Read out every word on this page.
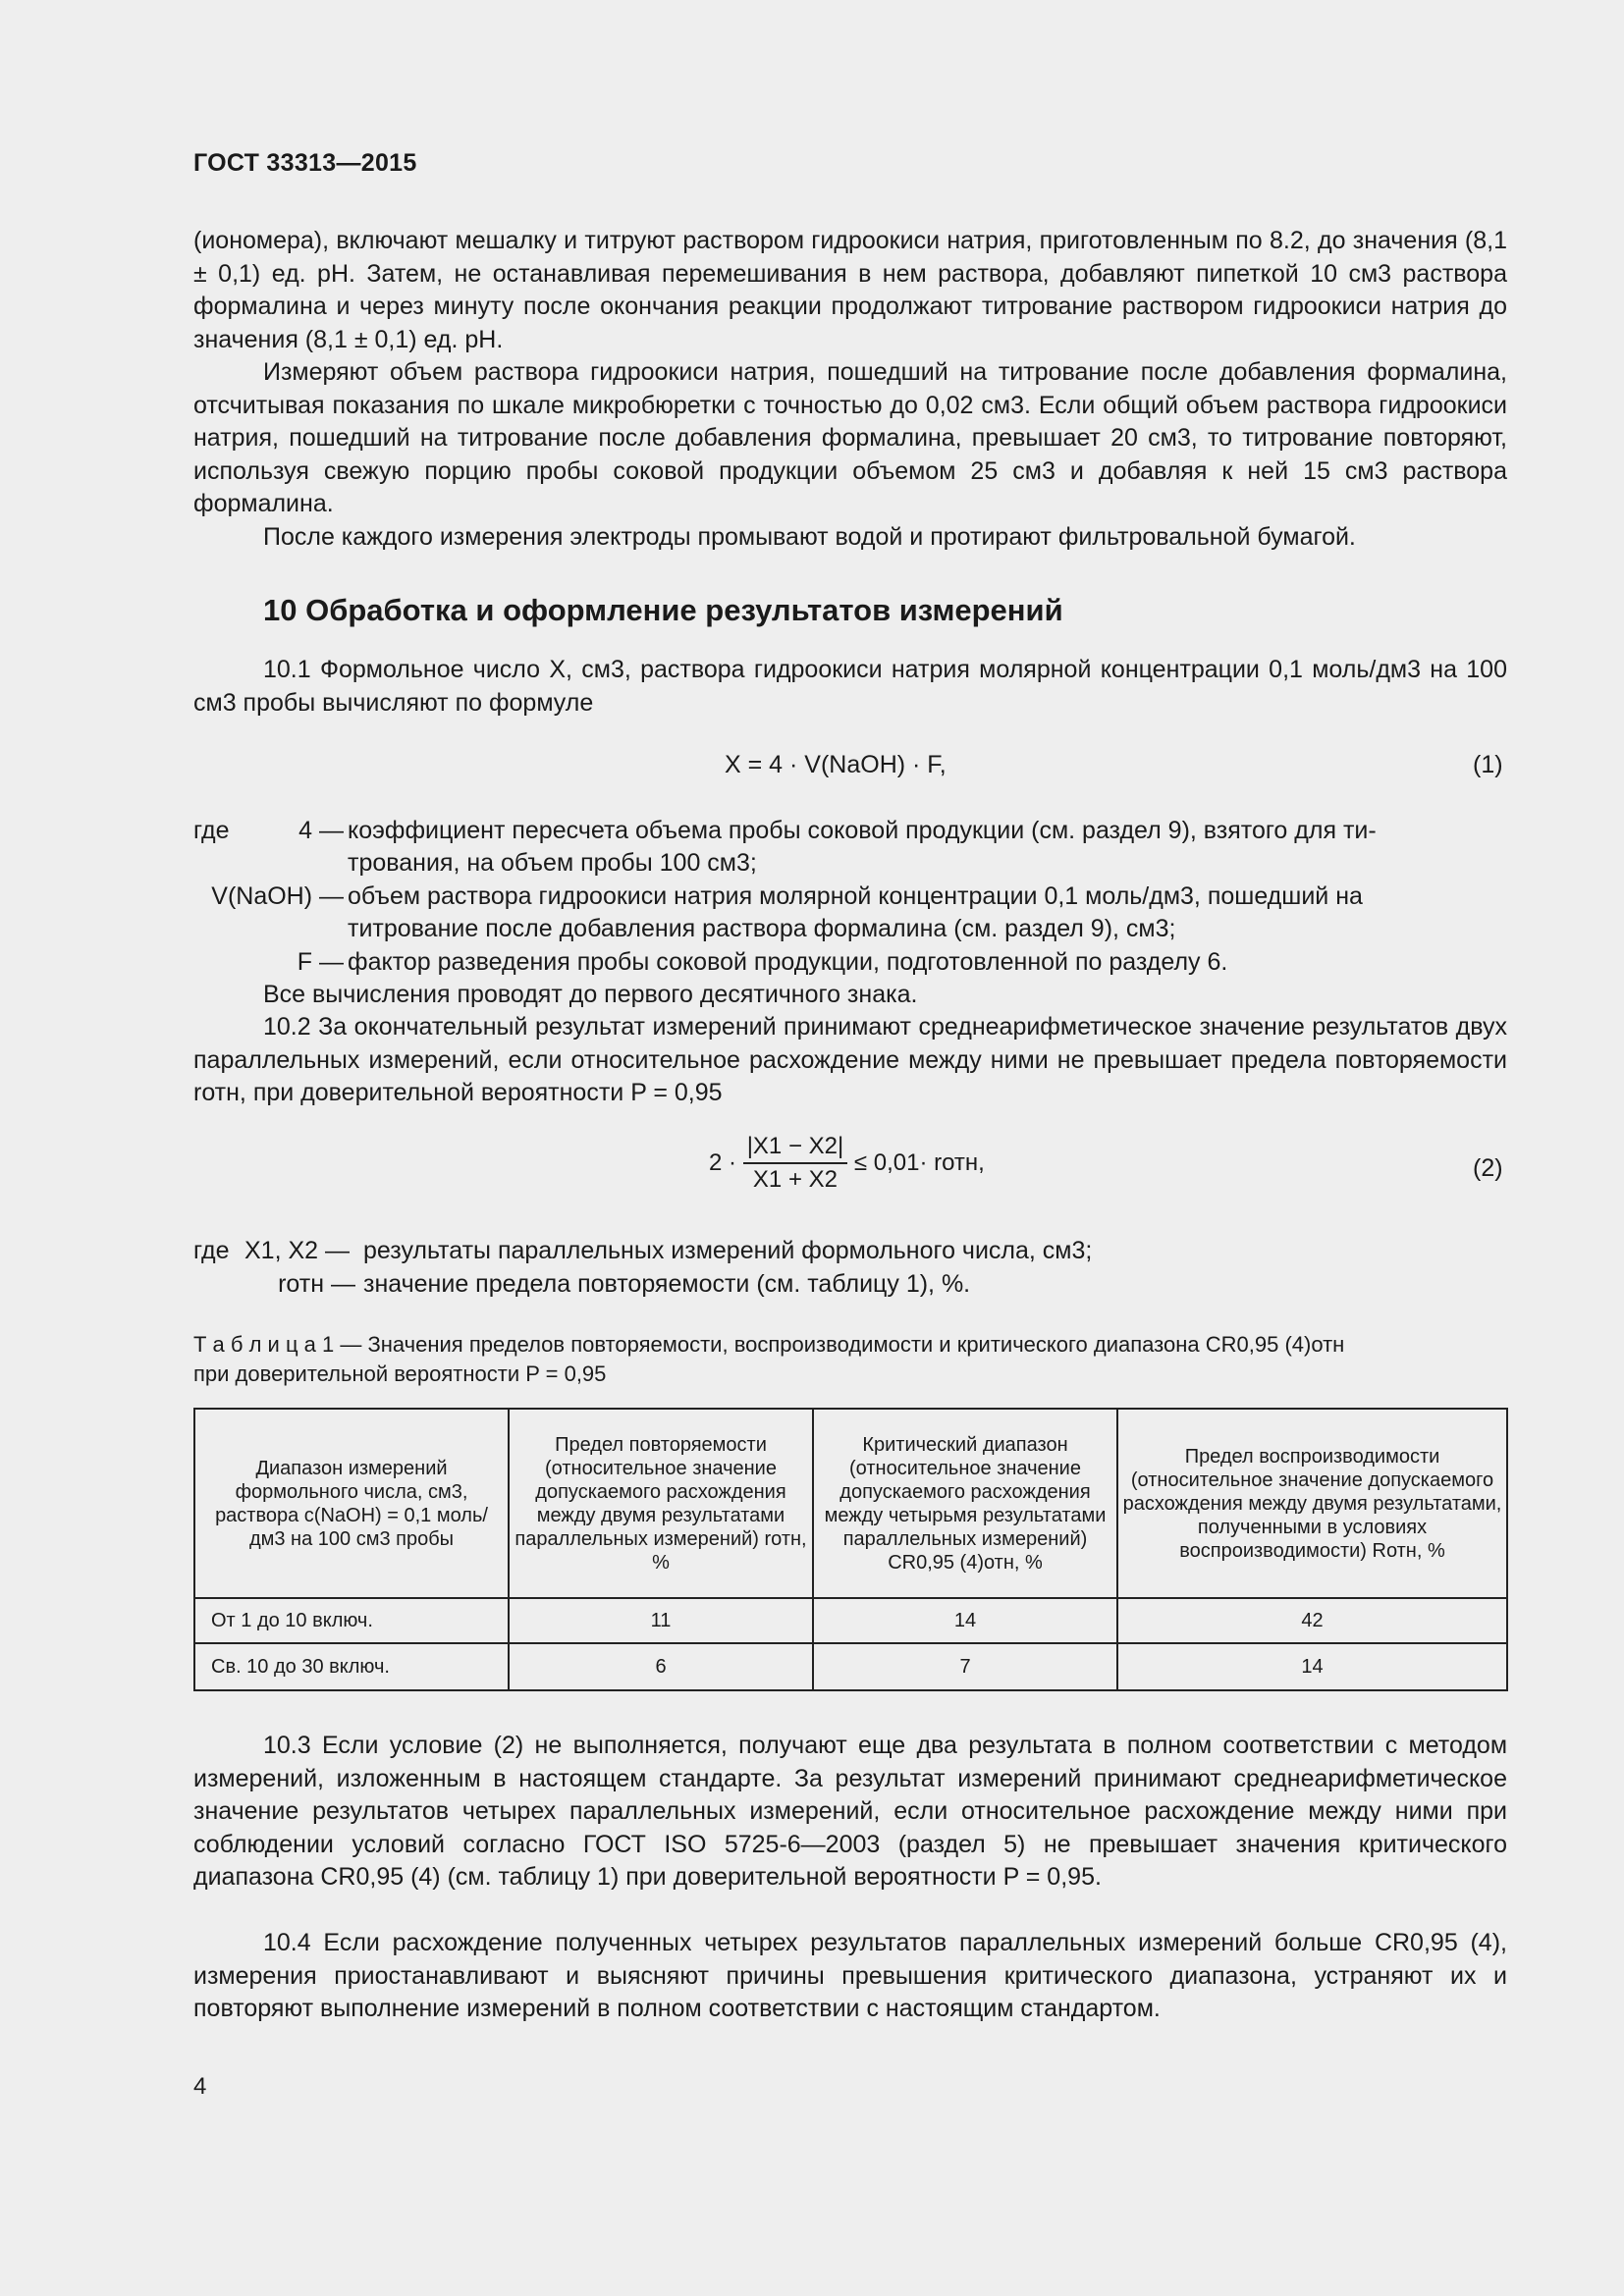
ГОСТ 33313—2015
(иономера), включают мешалку и титруют раствором гидроокиси натрия, приготовленным по 8.2, до значения (8,1 ± 0,1) ед. pH. Затем, не останавливая перемешивания в нем раствора, добавляют пипеткой 10 см3 раствора формалина и через минуту после окончания реакции продолжают титрование раствором гидроокиси натрия до значения (8,1 ± 0,1) ед. pH.
Измеряют объем раствора гидроокиси натрия, пошедший на титрование после добавления формалина, отсчитывая показания по шкале микробюретки с точностью до 0,02 см3. Если общий объем раствора гидроокиси натрия, пошедший на титрование после добавления формалина, превышает 20 см3, то титрование повторяют, используя свежую порцию пробы соковой продукции объемом 25 см3 и добавляя к ней 15 см3 раствора формалина.
После каждого измерения электроды промывают водой и протирают фильтровальной бумагой.
10 Обработка и оформление результатов измерений
10.1 Формольное число X, см3, раствора гидроокиси натрия молярной концентрации 0,1 моль/дм3 на 100 см3 пробы вычисляют по формуле
X = 4 · V(NaOH) · F,	(1)
где	4 — коэффициент пересчета объема пробы соковой продукции (см. раздел 9), взятого для ти-
трования, на объем пробы 100 см3;
V(NaOH) — объем раствора гидроокиси натрия молярной концентрации 0,1 моль/дм3, пошедший на
титрование после добавления раствора формалина (см. раздел 9), см3;
F — фактор разведения пробы соковой продукции, подготовленной по разделу 6.
Все вычисления проводят до первого десятичного знака.
10.2 За окончательный результат измерений принимают среднеарифметическое значение результатов двух параллельных измерений, если относительное расхождение между ними не превышает предела повторяемости rотн, при доверительной вероятности P = 0,95
$2 \cdot \frac{|X1 - X2|}{X1 + X2} \le 0,01\cdot$ rотн,	(2)
где X1, X2 — результаты параллельных измерений формольного числа, см3;
rотн — значение предела повторяемости (см. таблицу 1), %.
Т а б л и ц а 1 — Значения пределов повторяемости, воспроизводимости и критического диапазона CR0,95 (4)отн
при доверительной вероятности P = 0,95
Диапазон измерений формольного числа, см3, раствора c(NaOH) = 0,1 моль/дм3 на 100 см3 пробы	Предел повторяемости (относительное значение допускаемого расхождения между двумя результатами параллельных измерений) rотн, %	Критический диапазон (относительное значение допускаемого расхождения между четырьмя результатами параллельных измерений) CR0,95 (4)отн, %	Предел воспроизводимости (относительное значение допускаемого расхождения между двумя результатами, полученными в условиях воспроизводимости) Rотн, %
От 1 до 10 включ.	11	14	42
Св. 10 до 30 включ.	6	7	14
10.3 Если условие (2) не выполняется, получают еще два результата в полном соответствии с методом измерений, изложенным в настоящем стандарте. За результат измерений принимают среднеарифметическое значение результатов четырех параллельных измерений, если относительное расхождение между ними при соблюдении условий согласно ГОСТ ISO 5725-6—2003 (раздел 5) не превышает значения критического диапазона CR0,95 (4) (см. таблицу 1) при доверительной вероятности P = 0,95.
10.4 Если расхождение полученных четырех результатов параллельных измерений больше CR0,95 (4), измерения приостанавливают и выясняют причины превышения критического диапазона, устраняют их и повторяют выполнение измерений в полном соответствии с настоящим стандартом.
4
